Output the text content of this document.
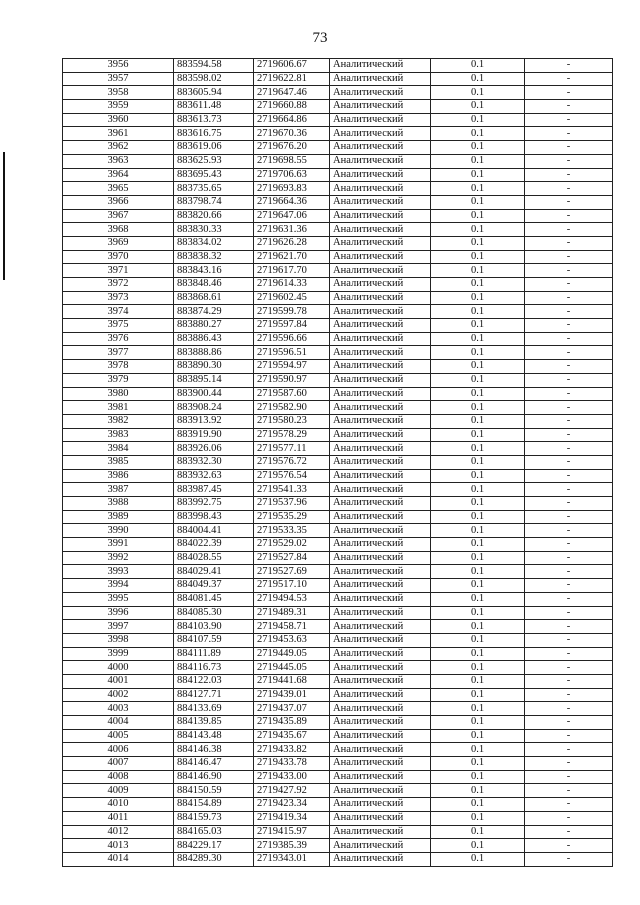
73
3956	883594.58	2719606.67	Аналитический	0.1	-
3957	883598.02	2719622.81	Аналитический	0.1	-
3958	883605.94	2719647.46	Аналитический	0.1	-
3959	883611.48	2719660.88	Аналитический	0.1	-
3960	883613.73	2719664.86	Аналитический	0.1	-
3961	883616.75	2719670.36	Аналитический	0.1	-
3962	883619.06	2719676.20	Аналитический	0.1	-
3963	883625.93	2719698.55	Аналитический	0.1	-
3964	883695.43	2719706.63	Аналитический	0.1	-
3965	883735.65	2719693.83	Аналитический	0.1	-
3966	883798.74	2719664.36	Аналитический	0.1	-
3967	883820.66	2719647.06	Аналитический	0.1	-
3968	883830.33	2719631.36	Аналитический	0.1	-
3969	883834.02	2719626.28	Аналитический	0.1	-
3970	883838.32	2719621.70	Аналитический	0.1	-
3971	883843.16	2719617.70	Аналитический	0.1	-
3972	883848.46	2719614.33	Аналитический	0.1	-
3973	883868.61	2719602.45	Аналитический	0.1	-
3974	883874.29	2719599.78	Аналитический	0.1	-
3975	883880.27	2719597.84	Аналитический	0.1	-
3976	883886.43	2719596.66	Аналитический	0.1	-
3977	883888.86	2719596.51	Аналитический	0.1	-
3978	883890.30	2719594.97	Аналитический	0.1	-
3979	883895.14	2719590.97	Аналитический	0.1	-
3980	883900.44	2719587.60	Аналитический	0.1	-
3981	883908.24	2719582.90	Аналитический	0.1	-
3982	883913.92	2719580.23	Аналитический	0.1	-
3983	883919.90	2719578.29	Аналитический	0.1	-
3984	883926.06	2719577.11	Аналитический	0.1	-
3985	883932.30	2719576.72	Аналитический	0.1	-
3986	883932.63	2719576.54	Аналитический	0.1	-
3987	883987.45	2719541.33	Аналитический	0.1	-
3988	883992.75	2719537.96	Аналитический	0.1	-
3989	883998.43	2719535.29	Аналитический	0.1	-
3990	884004.41	2719533.35	Аналитический	0.1	-
3991	884022.39	2719529.02	Аналитический	0.1	-
3992	884028.55	2719527.84	Аналитический	0.1	-
3993	884029.41	2719527.69	Аналитический	0.1	-
3994	884049.37	2719517.10	Аналитический	0.1	-
3995	884081.45	2719494.53	Аналитический	0.1	-
3996	884085.30	2719489.31	Аналитический	0.1	-
3997	884103.90	2719458.71	Аналитический	0.1	-
3998	884107.59	2719453.63	Аналитический	0.1	-
3999	884111.89	2719449.05	Аналитический	0.1	-
4000	884116.73	2719445.05	Аналитический	0.1	-
4001	884122.03	2719441.68	Аналитический	0.1	-
4002	884127.71	2719439.01	Аналитический	0.1	-
4003	884133.69	2719437.07	Аналитический	0.1	-
4004	884139.85	2719435.89	Аналитический	0.1	-
4005	884143.48	2719435.67	Аналитический	0.1	-
4006	884146.38	2719433.82	Аналитический	0.1	-
4007	884146.47	2719433.78	Аналитический	0.1	-
4008	884146.90	2719433.00	Аналитический	0.1	-
4009	884150.59	2719427.92	Аналитический	0.1	-
4010	884154.89	2719423.34	Аналитический	0.1	-
4011	884159.73	2719419.34	Аналитический	0.1	-
4012	884165.03	2719415.97	Аналитический	0.1	-
4013	884229.17	2719385.39	Аналитический	0.1	-
4014	884289.30	2719343.01	Аналитический	0.1	-
